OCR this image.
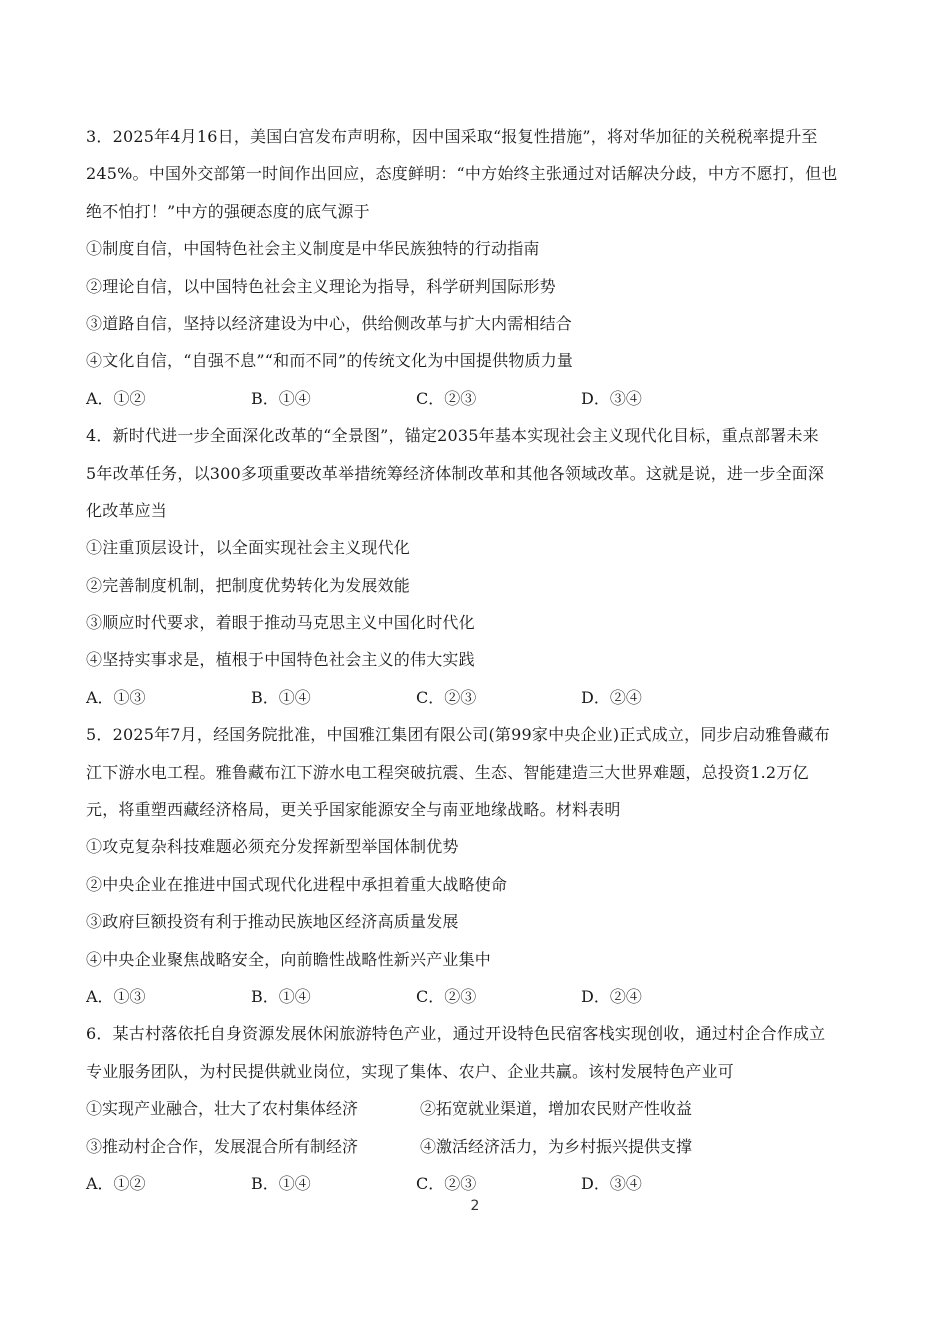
3．2025年4月16日，美国白宫发布声明称，因中国采取“报复性措施”，将对华加征的关税税率提升至
245%。中国外交部第一时间作出回应，态度鲜明：“中方始终主张通过对话解决分歧，中方不愿打，但也
绝不怕打！”中方的强硬态度的底气源于
①制度自信，中国特色社会主义制度是中华民族独特的行动指南
②理论自信，以中国特色社会主义理论为指导，科学研判国际形势
③道路自信，坚持以经济建设为中心，供给侧改革与扩大内需相结合
④文化自信，“自强不息”“和而不同”的传统文化为中国提供物质力量
A．①②	B．①④	C．②③	D．③④
4．新时代进一步全面深化改革的“全景图”，锚定2035年基本实现社会主义现代化目标，重点部署未来
5年改革任务，以300多项重要改革举措统筹经济体制改革和其他各领域改革。这就是说，进一步全面深
化改革应当
①注重顶层设计，以全面实现社会主义现代化
②完善制度机制，把制度优势转化为发展效能
③顺应时代要求，着眼于推动马克思主义中国化时代化
④坚持实事求是，植根于中国特色社会主义的伟大实践
A．①③	B．①④	C．②③	D．②④
5．2025年7月，经国务院批准，中国雅江集团有限公司(第99家中央企业)正式成立，同步启动雅鲁藏布
江下游水电工程。雅鲁藏布江下游水电工程突破抗震、生态、智能建造三大世界难题，总投资1.2万亿
元，将重塑西藏经济格局，更关乎国家能源安全与南亚地缘战略。材料表明
①攻克复杂科技难题必须充分发挥新型举国体制优势
②中央企业在推进中国式现代化进程中承担着重大战略使命
③政府巨额投资有利于推动民族地区经济高质量发展
④中央企业聚焦战略安全，向前瞻性战略性新兴产业集中
A．①③	B．①④	C．②③	D．②④
6．某古村落依托自身资源发展休闲旅游特色产业，通过开设特色民宿客栈实现创收，通过村企合作成立
专业服务团队，为村民提供就业岗位，实现了集体、农户、企业共赢。该村发展特色产业可
①实现产业融合，壮大了农村集体经济	②拓宽就业渠道，增加农民财产性收益
③推动村企合作，发展混合所有制经济	④激活经济活力，为乡村振兴提供支撑
A．①②	B．①④	C．②③	D．③④
2
